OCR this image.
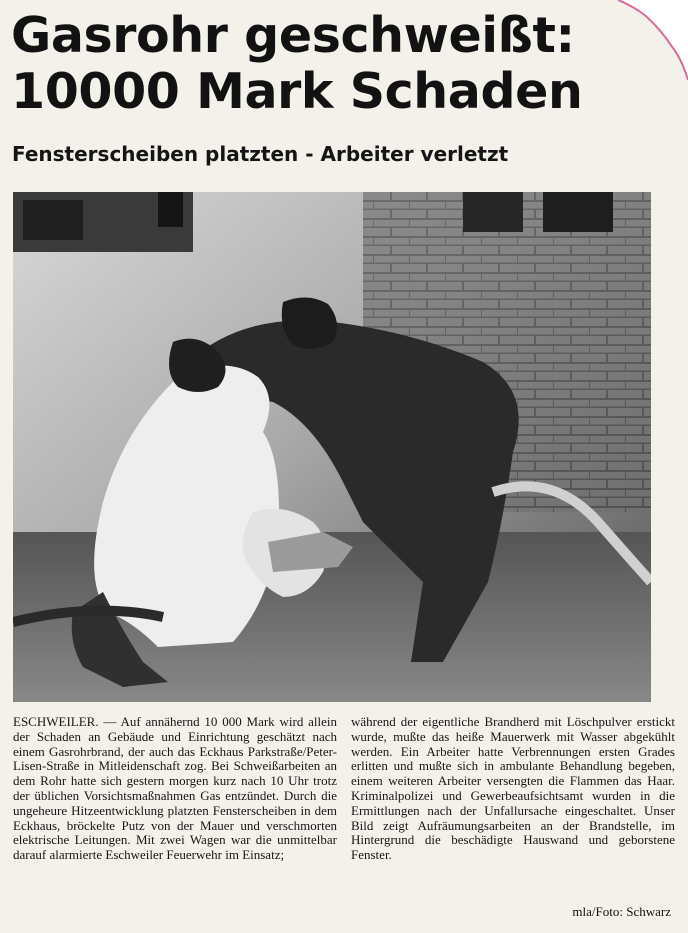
Gasrohr geschweißt:
10000 Mark Schaden
Fensterscheiben platzten - Arbeiter verletzt

ESCHWEILER. — Auf annähernd 10 000 Mark wird allein der Schaden an Gebäude und Einrichtung geschätzt nach einem Gasrohrbrand, der auch das Eckhaus Parkstraße/Peter-Lisen-Straße in Mitleidenschaft zog. Bei Schweißarbeiten an dem Rohr hatte sich gestern morgen kurz nach 10 Uhr trotz der üblichen Vorsichtsmaßnahmen Gas entzündet. Durch die ungeheure Hitzeentwicklung platzten Fensterscheiben in dem Eckhaus, bröckelte Putz von der Mauer und verschmorten elektrische Leitungen. Mit zwei Wagen war die unmittelbar darauf alarmierte Eschweiler Feuerwehr im Einsatz;

während der eigentliche Brandherd mit Löschpulver erstickt wurde, mußte das heiße Mauerwerk mit Wasser abgekühlt werden. Ein Arbeiter hatte Verbrennungen ersten Grades erlitten und mußte sich in ambulante Behandlung begeben, einem weiteren Arbeiter versengten die Flammen das Haar. Kriminalpolizei und Gewerbeaufsichtsamt wurden in die Ermittlungen nach der Unfallursache eingeschaltet. Unser Bild zeigt Aufräumungsarbeiten an der Brandstelle, im Hintergrund die beschädigte Hauswand und geborstene Fenster.

mla/Foto: Schwarz
